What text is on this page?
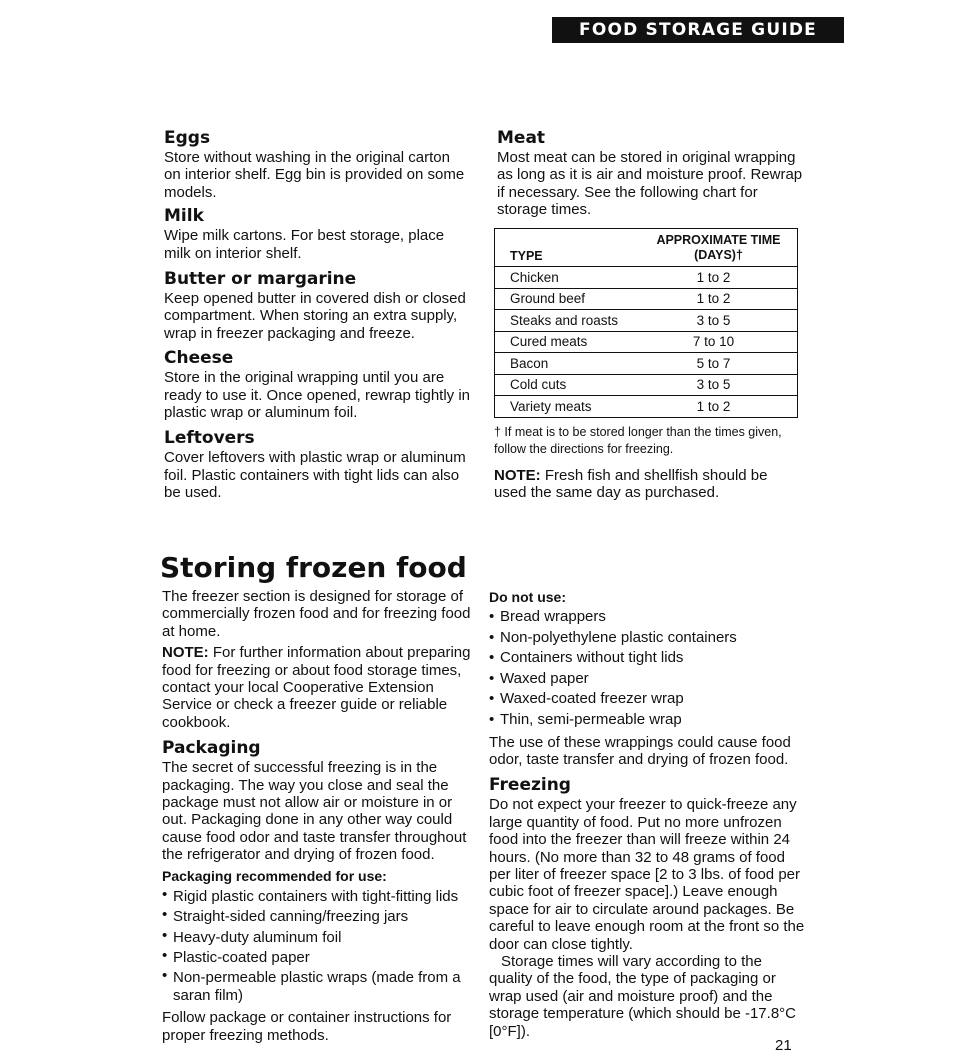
FOOD STORAGE GUIDE
Eggs

Store without washing in the original carton on interior shelf. Egg bin is provided on some models.

Milk

Wipe milk cartons. For best storage, place milk on interior shelf.

Butter or margarine

Keep opened butter in covered dish or closed compartment. When storing an extra supply, wrap in freezer packaging and freeze.

Cheese

Store in the original wrapping until you are ready to use it. Once opened, rewrap tightly in plastic wrap or aluminum foil.

Leftovers

Cover leftovers with plastic wrap or aluminum foil. Plastic containers with tight lids can also be used.

Meat

Most meat can be stored in original wrapping as long as it is air and moisture proof. Rewrap if necessary. See the following chart for storage times.

TYPE	APPROXIMATE TIME
(DAYS)†
Chicken	1 to 2
Ground beef	1 to 2
Steaks and roasts	3 to 5
Cured meats	7 to 10
Bacon	5 to 7
Cold cuts	3 to 5
Variety meats	1 to 2

† If meat is to be stored longer than the times given, follow the directions for freezing.

NOTE: Fresh fish and shellfish should be used the same day as purchased.

Storing frozen food

The freezer section is designed for storage of commercially frozen food and for freezing food at home.

NOTE: For further information about preparing food for freezing or about food storage times, contact your local Cooperative Extension Service or check a freezer guide or reliable cookbook.

Packaging

The secret of successful freezing is in the packaging. The way you close and seal the package must not allow air or moisture in or out. Packaging done in any other way could cause food odor and taste transfer throughout the refrigerator and drying of frozen food.

Packaging recommended for use:
• Rigid plastic containers with tight-fitting lids
• Straight-sided canning/freezing jars
• Heavy-duty aluminum foil
• Plastic-coated paper
• Non-permeable plastic wraps (made from a saran film)

Follow package or container instructions for proper freezing methods.

Do not use:
• Bread wrappers
• Non-polyethylene plastic containers
• Containers without tight lids
• Waxed paper
• Waxed-coated freezer wrap
• Thin, semi-permeable wrap

The use of these wrappings could cause food odor, taste transfer and drying of frozen food.

Freezing

Do not expect your freezer to quick-freeze any large quantity of food. Put no more unfrozen food into the freezer than will freeze within 24 hours. (No more than 32 to 48 grams of food per liter of freezer space [2 to 3 lbs. of food per cubic foot of freezer space].) Leave enough space for air to circulate around packages. Be careful to leave enough room at the front so the door can close tightly.

Storage times will vary according to the quality of the food, the type of packaging or wrap used (air and moisture proof) and the storage temperature (which should be -17.8°C [0°F]).

21
